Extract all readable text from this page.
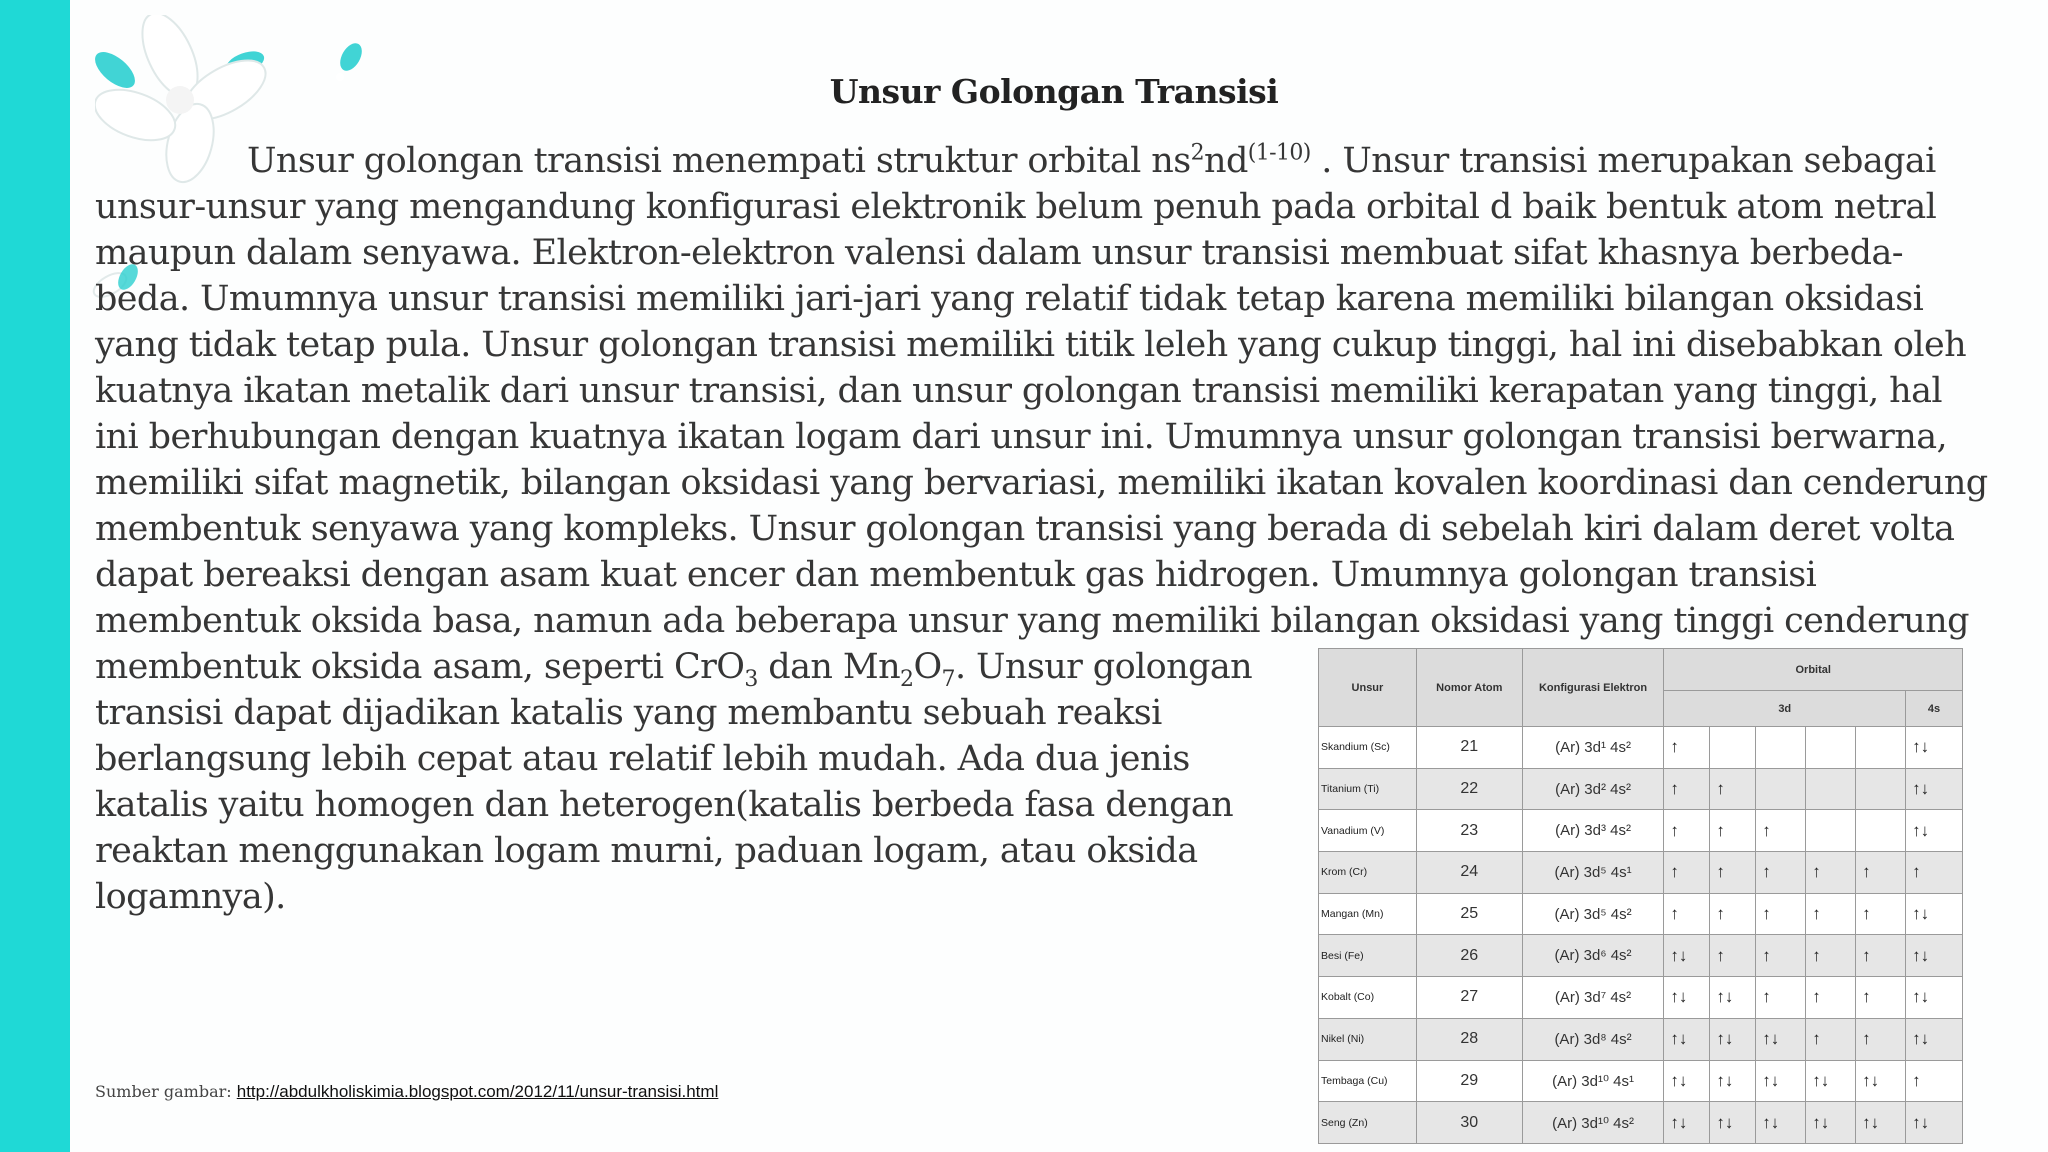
Unsur Golongan Transisi
Unsur golongan transisi menempati struktur orbital $ns^2nd^{(1-10)}$ . Unsur transisi merupakan sebagai
unsur-unsur yang mengandung konfigurasi elektronik belum penuh pada orbital d baik bentuk atom netral
maupun dalam senyawa. Elektron-elektron valensi dalam unsur transisi membuat sifat khasnya berbeda-
beda. Umumnya unsur transisi memiliki jari-jari yang relatif tidak tetap karena memiliki bilangan oksidasi
yang tidak tetap pula. Unsur golongan transisi memiliki titik leleh yang cukup tinggi, hal ini disebabkan oleh
kuatnya ikatan metalik dari unsur transisi, dan unsur golongan transisi memiliki kerapatan yang tinggi, hal
ini berhubungan dengan kuatnya ikatan logam dari unsur ini. Umumnya unsur golongan transisi berwarna,
memiliki sifat magnetik, bilangan oksidasi yang bervariasi, memiliki ikatan kovalen koordinasi dan cenderung
membentuk senyawa yang kompleks. Unsur golongan transisi yang berada di sebelah kiri dalam deret volta
dapat bereaksi dengan asam kuat encer dan membentuk gas hidrogen. Umumnya golongan transisi
membentuk oksida basa, namun ada beberapa unsur yang memiliki bilangan oksidasi yang tinggi cenderung
membentuk oksida asam, seperti CrO$_3$ dan $Mn_2O_7$. Unsur golongan
transisi dapat dijadikan katalis yang membantu sebuah reaksi
berlangsung lebih cepat atau relatif lebih mudah. Ada dua jenis
katalis yaitu homogen dan heterogen(katalis berbeda fasa dengan
reaktan menggunakan logam murni, paduan logam, atau oksida
logamnya).
Sumber gambar: http://abdulkholiskimia.blogspot.com/2012/11/unsur-transisi.html
Unsur	Nomor Atom	Konfigurasi Elektron	Orbital					
			3d					4s
Skandium (Sc)	21	(Ar) 3d¹ 4s²	↑					↑↓
Titanium (Ti)	22	(Ar) 3d² 4s²	↑	↑				↑↓
Vanadium (V)	23	(Ar) 3d³ 4s²	↑	↑	↑			↑↓
Krom (Cr)	24	(Ar) 3d⁵ 4s¹	↑	↑	↑	↑	↑	↑
Mangan (Mn)	25	(Ar) 3d⁵ 4s²	↑	↑	↑	↑	↑	↑↓
Besi (Fe)	26	(Ar) 3d⁶ 4s²	↑↓	↑	↑	↑	↑	↑↓
Kobalt (Co)	27	(Ar) 3d⁷ 4s²	↑↓	↑↓	↑	↑	↑	↑↓
Nikel (Ni)	28	(Ar) 3d⁸ 4s²	↑↓	↑↓	↑↓	↑	↑	↑↓
Tembaga (Cu)	29	(Ar) 3d¹⁰ 4s¹	↑↓	↑↓	↑↓	↑↓	↑↓	↑
Seng (Zn)	30	(Ar) 3d¹⁰ 4s²	↑↓	↑↓	↑↓	↑↓	↑↓	↑↓
